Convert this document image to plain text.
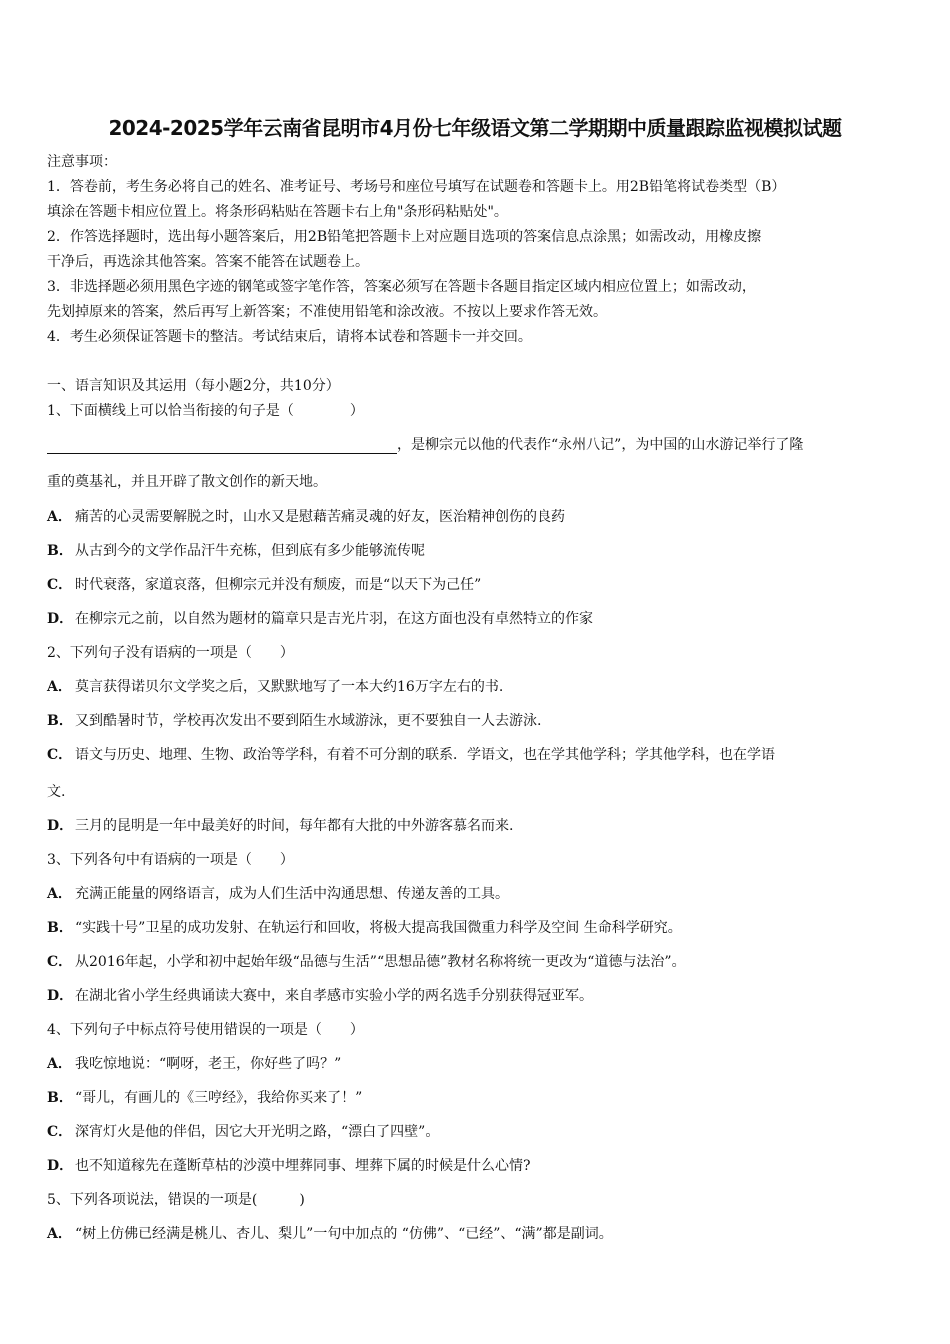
2024-2025学年云南省昆明市4月份七年级语文第二学期期中质量跟踪监视模拟试题
注意事项：
1．答卷前，考生务必将自己的姓名、准考证号、考场号和座位号填写在试题卷和答题卡上。用2B铅笔将试卷类型（B）
填涂在答题卡相应位置上。将条形码粘贴在答题卡右上角"条形码粘贴处"。
2．作答选择题时，选出每小题答案后，用2B铅笔把答题卡上对应题目选项的答案信息点涂黑；如需改动，用橡皮擦
干净后，再选涂其他答案。答案不能答在试题卷上。
3．非选择题必须用黑色字迹的钢笔或签字笔作答，答案必须写在答题卡各题目指定区域内相应位置上；如需改动，
先划掉原来的答案，然后再写上新答案；不准使用铅笔和涂改液。不按以上要求作答无效。
4．考生必须保证答题卡的整洁。考试结束后，请将本试卷和答题卡一并交回。
一、语言知识及其运用（每小题2分，共10分）
1、下面横线上可以恰当衔接的句子是（　　　　）
，是柳宗元以他的代表作“永州八记”，为中国的山水游记举行了隆
重的奠基礼，并且开辟了散文创作的新天地。
A． 痛苦的心灵需要解脱之时，山水又是慰藉苦痛灵魂的好友，医治精神创伤的良药
B． 从古到今的文学作品汗牛充栋，但到底有多少能够流传呢
C． 时代衰落，家道哀落，但柳宗元并没有颓废，而是“以天下为己任”
D． 在柳宗元之前，以自然为题材的篇章只是吉光片羽，在这方面也没有卓然特立的作家
2、下列句子没有语病的一项是（　　）
A． 莫言获得诺贝尔文学奖之后，又默默地写了一本大约16万字左右的书.
B． 又到酷暑时节，学校再次发出不要到陌生水域游泳，更不要独自一人去游泳.
C． 语文与历史、地理、生物、政治等学科，有着不可分割的联系．学语文，也在学其他学科；学其他学科，也在学语
文.
D． 三月的昆明是一年中最美好的时间，每年都有大批的中外游客慕名而来.
3、下列各句中有语病的一项是（　　）
A． 充满正能量的网络语言，成为人们生活中沟通思想、传递友善的工具。
B． “实践十号”卫星的成功发射、在轨运行和回收，将极大提高我国微重力科学及空间 生命科学研究。
C． 从2016年起，小学和初中起始年级“品德与生活”“思想品德”教材名称将统一更改为“道德与法治”。
D． 在湖北省小学生经典诵读大赛中，来自孝感市实验小学的两名选手分别获得冠亚军。
4、下列句子中标点符号使用错误的一项是（　　）
A． 我吃惊地说：“啊呀，老王，你好些了吗？”
B． “哥儿，有画儿的《三哼经》，我给你买来了！”
C． 深宵灯火是他的伴侣，因它大开光明之路，“漂白了四壁”。
D． 也不知道稼先在蓬断草枯的沙漠中埋葬同事、埋葬下属的时候是什么心情?
5、下列各项说法，错误的一项是(　　　)
A． “树上仿佛已经满是桃儿、杏儿、梨儿”一句中加点的 “仿佛”、“已经”、“满”都是副词。
